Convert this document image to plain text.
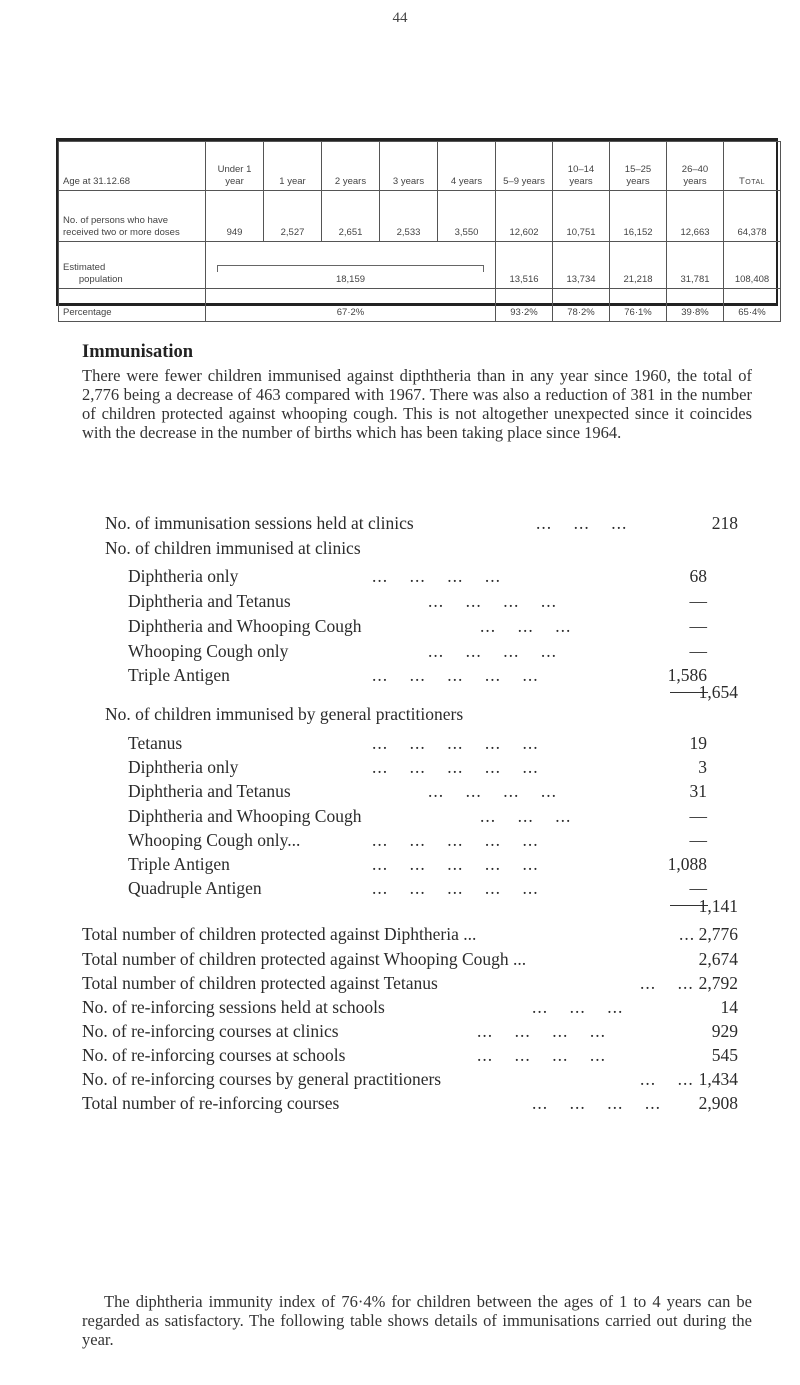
44
Age at 31.12.68	Under 1 year	1 year	2 years	3 years	4 years	5–9 years	10–14 years	15–25 years	26–40 years	Total
No. of persons who have received two or more doses	949	2,527	2,651	2,533	3,550	12,602	10,751	16,152	12,663	64,378
Estimated
population	18,159					13,516	13,734	21,218	31,781	108,408
Percentage	67·2%					93·2%	78·2%	76·1%	39·8%	65·4%
Immunisation
There were fewer children immunised against dipththeria than in any year since 1960, the total of 2,776 being a decrease of 463 compared with 1967. There was also a reduction of 381 in the number of children protected against whooping cough. This is not altogether unexpected since it coincides with the decrease in the number of births which has been taking place since 1964.
No. of immunisation sessions held at clinics	...    ...    ...	218
No. of children immunised at clinics
Diphtheria only	...    ...    ...    ...	68
Diphtheria and Tetanus	...    ...    ...    ...	—
Diphtheria and Whooping Cough	...    ...    ...	—
Whooping Cough only	...    ...    ...    ...	—
Triple Antigen	...    ...    ...    ...    ...	1,586
1,654
No. of children immunised by general practitioners
Tetanus	...    ...    ...    ...    ...	19
Diphtheria only	...    ...    ...    ...    ...	3
Diphtheria and Tetanus	...    ...    ...    ...	31
Diphtheria and Whooping Cough	...    ...    ...	—
Whooping Cough only...	...    ...    ...    ...    ...	—
Triple Antigen	...    ...    ...    ...    ...	1,088
Quadruple Antigen	...    ...    ...    ...    ...	—
1,141
Total number of children protected against Diphtheria ...	... 2,776
Total number of children protected against Whooping Cough ...	2,674
Total number of children protected against Tetanus	...    ... 2,792
No. of re-inforcing sessions held at schools	...    ...    ...	14
No. of re-inforcing courses at clinics	...    ...    ...    ...	929
No. of re-inforcing courses at schools	...    ...    ...    ...	545
No. of re-inforcing courses by general practitioners	...    ... 1,434
Total number of re-inforcing courses	...    ...    ...    ... 2,908
The diphtheria immunity index of 76·4% for children between the ages of 1 to 4 years can be regarded as satisfactory. The following table shows details of immunisations carried out during the year.
